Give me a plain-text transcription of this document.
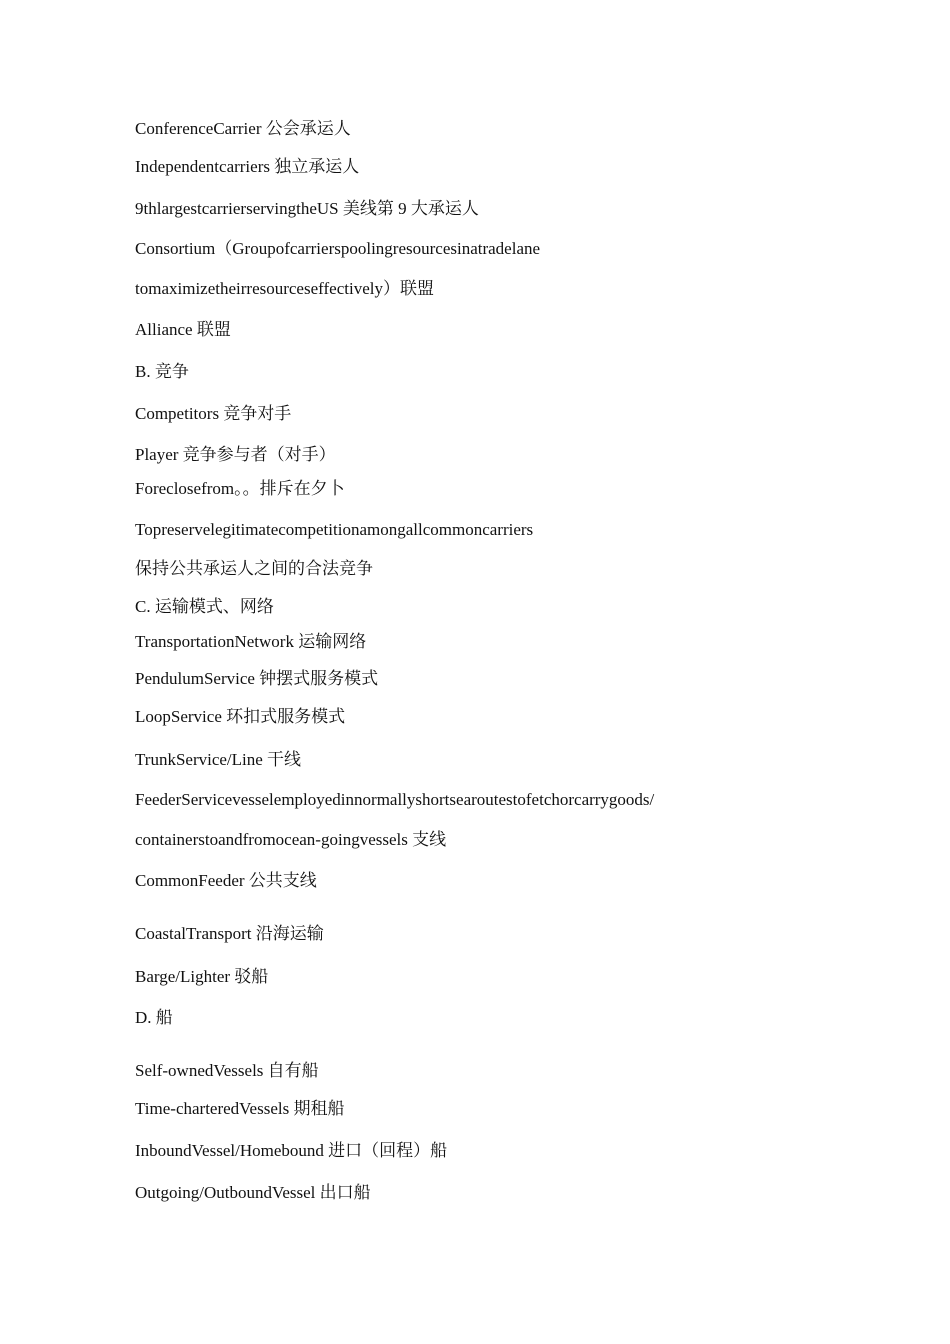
ConferenceCarrier 公会承运人
Independentcarriers 独立承运人
9thlargestcarrierservingtheUS 美线第 9 大承运人
Consortium（Groupofcarrierspoolingresourcesinatradelane
tomaximizetheirresourceseffectively）联盟
Alliance 联盟
B. 竞争
Competitors 竞争对手
Player 竞争参与者（对手）
Foreclosefrom。。排斥在夕卜
Topreservelegitimatecompetitionamongallcommoncarriers
保持公共承运人之间的合法竞争
C. 运输模式、网络
TransportationNetwork 运输网络
PendulumService 钟摆式服务模式
LoopService 环扣式服务模式
TrunkService/Line 干线
FeederServicevesselemployedinnormallyshortsearoutestofetchorcarrygoods/
containerstoandfromocean-goingvessels 支线
CommonFeeder 公共支线
CoastalTransport 沿海运输
Barge/Lighter 驳船
D. 船
Self-ownedVessels 自有船
Time-charteredVessels 期租船
InboundVessel/Homebound 进口（回程）船
Outgoing/OutboundVessel 出口船
